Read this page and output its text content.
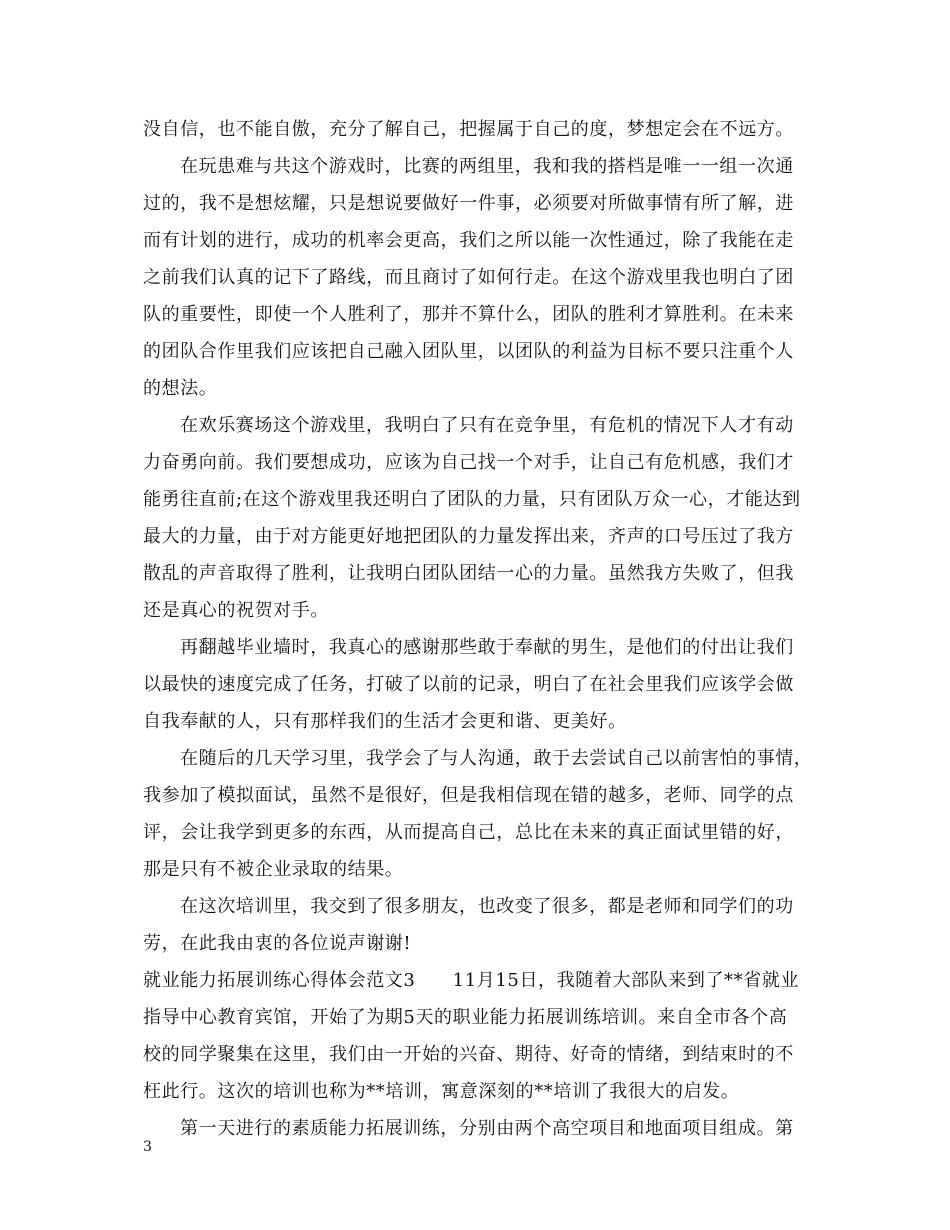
没自信，也不能自傲，充分了解自己，把握属于自己的度，梦想定会在不远方。
在玩患难与共这个游戏时，比赛的两组里，我和我的搭档是唯一一组一次通
过的，我不是想炫耀，只是想说要做好一件事，必须要对所做事情有所了解，进
而有计划的进行，成功的机率会更高，我们之所以能一次性通过，除了我能在走
之前我们认真的记下了路线，而且商讨了如何行走。在这个游戏里我也明白了团
队的重要性，即使一个人胜利了，那并不算什么，团队的胜利才算胜利。在未来
的团队合作里我们应该把自己融入团队里，以团队的利益为目标不要只注重个人
的想法。
在欢乐赛场这个游戏里，我明白了只有在竞争里，有危机的情况下人才有动
力奋勇向前。我们要想成功，应该为自己找一个对手，让自己有危机感，我们才
能勇往直前;在这个游戏里我还明白了团队的力量，只有团队万众一心，才能达到
最大的力量，由于对方能更好地把团队的力量发挥出来，齐声的口号压过了我方
散乱的声音取得了胜利，让我明白团队团结一心的力量。虽然我方失败了，但我
还是真心的祝贺对手。
再翻越毕业墙时，我真心的感谢那些敢于奉献的男生，是他们的付出让我们
以最快的速度完成了任务，打破了以前的记录，明白了在社会里我们应该学会做
自我奉献的人，只有那样我们的生活才会更和谐、更美好。
在随后的几天学习里，我学会了与人沟通，敢于去尝试自己以前害怕的事情，
我参加了模拟面试，虽然不是很好，但是我相信现在错的越多，老师、同学的点
评，会让我学到更多的东西，从而提高自己，总比在未来的真正面试里错的好，
那是只有不被企业录取的结果。
在这次培训里，我交到了很多朋友，也改变了很多，都是老师和同学们的功
劳，在此我由衷的各位说声谢谢!
就业能力拓展训练心得体会范文3　　11月15日，我随着大部队来到了**省就业
指导中心教育宾馆，开始了为期5天的职业能力拓展训练培训。来自全市各个高
校的同学聚集在这里，我们由一开始的兴奋、期待、好奇的情绪，到结束时的不
枉此行。这次的培训也称为**培训，寓意深刻的**培训了我很大的启发。
第一天进行的素质能力拓展训练，分别由两个高空项目和地面项目组成。第
3
